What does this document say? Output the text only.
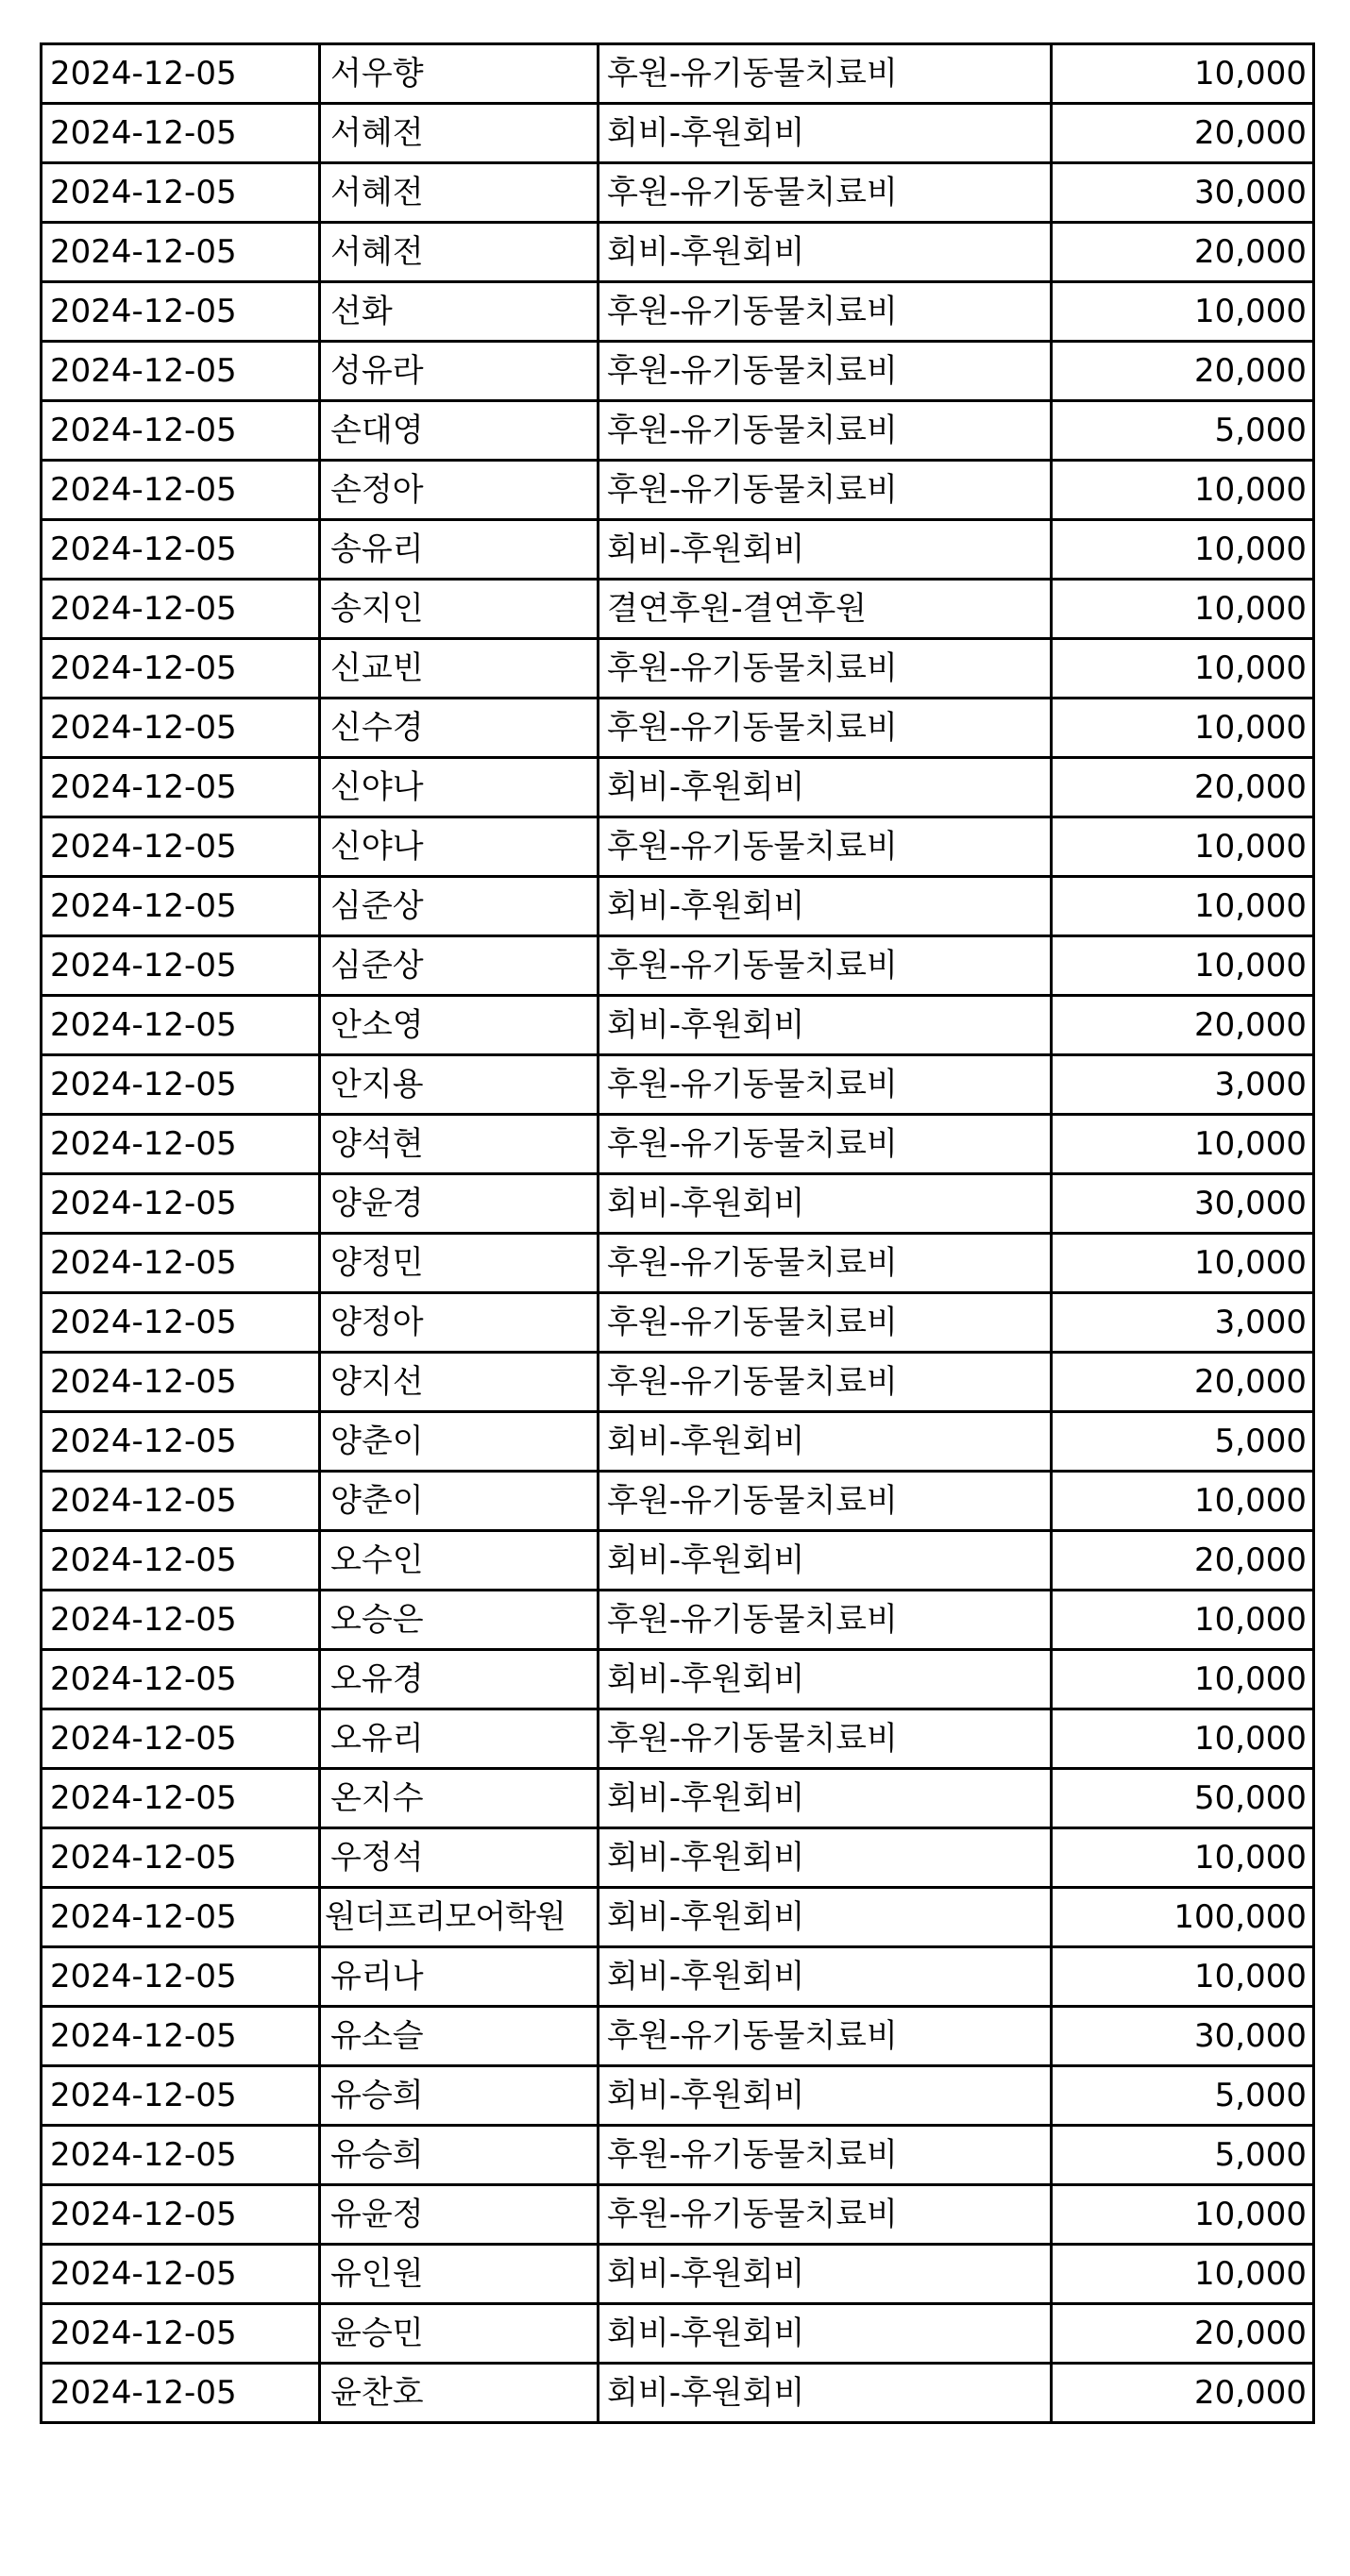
2024-12-05	서우향	후원-유기동물치료비	10,000
2024-12-05	서혜전	회비-후원회비	20,000
2024-12-05	서혜전	후원-유기동물치료비	30,000
2024-12-05	서혜전	회비-후원회비	20,000
2024-12-05	선화	후원-유기동물치료비	10,000
2024-12-05	성유라	후원-유기동물치료비	20,000
2024-12-05	손대영	후원-유기동물치료비	5,000
2024-12-05	손정아	후원-유기동물치료비	10,000
2024-12-05	송유리	회비-후원회비	10,000
2024-12-05	송지인	결연후원-결연후원	10,000
2024-12-05	신교빈	후원-유기동물치료비	10,000
2024-12-05	신수경	후원-유기동물치료비	10,000
2024-12-05	신야나	회비-후원회비	20,000
2024-12-05	신야나	후원-유기동물치료비	10,000
2024-12-05	심준상	회비-후원회비	10,000
2024-12-05	심준상	후원-유기동물치료비	10,000
2024-12-05	안소영	회비-후원회비	20,000
2024-12-05	안지용	후원-유기동물치료비	3,000
2024-12-05	양석현	후원-유기동물치료비	10,000
2024-12-05	양윤경	회비-후원회비	30,000
2024-12-05	양정민	후원-유기동물치료비	10,000
2024-12-05	양정아	후원-유기동물치료비	3,000
2024-12-05	양지선	후원-유기동물치료비	20,000
2024-12-05	양춘이	회비-후원회비	5,000
2024-12-05	양춘이	후원-유기동물치료비	10,000
2024-12-05	오수인	회비-후원회비	20,000
2024-12-05	오승은	후원-유기동물치료비	10,000
2024-12-05	오유경	회비-후원회비	10,000
2024-12-05	오유리	후원-유기동물치료비	10,000
2024-12-05	온지수	회비-후원회비	50,000
2024-12-05	우정석	회비-후원회비	10,000
2024-12-05	원더프리모어학원	회비-후원회비	100,000
2024-12-05	유리나	회비-후원회비	10,000
2024-12-05	유소슬	후원-유기동물치료비	30,000
2024-12-05	유승희	회비-후원회비	5,000
2024-12-05	유승희	후원-유기동물치료비	5,000
2024-12-05	유윤정	후원-유기동물치료비	10,000
2024-12-05	유인원	회비-후원회비	10,000
2024-12-05	윤승민	회비-후원회비	20,000
2024-12-05	윤찬호	회비-후원회비	20,000
